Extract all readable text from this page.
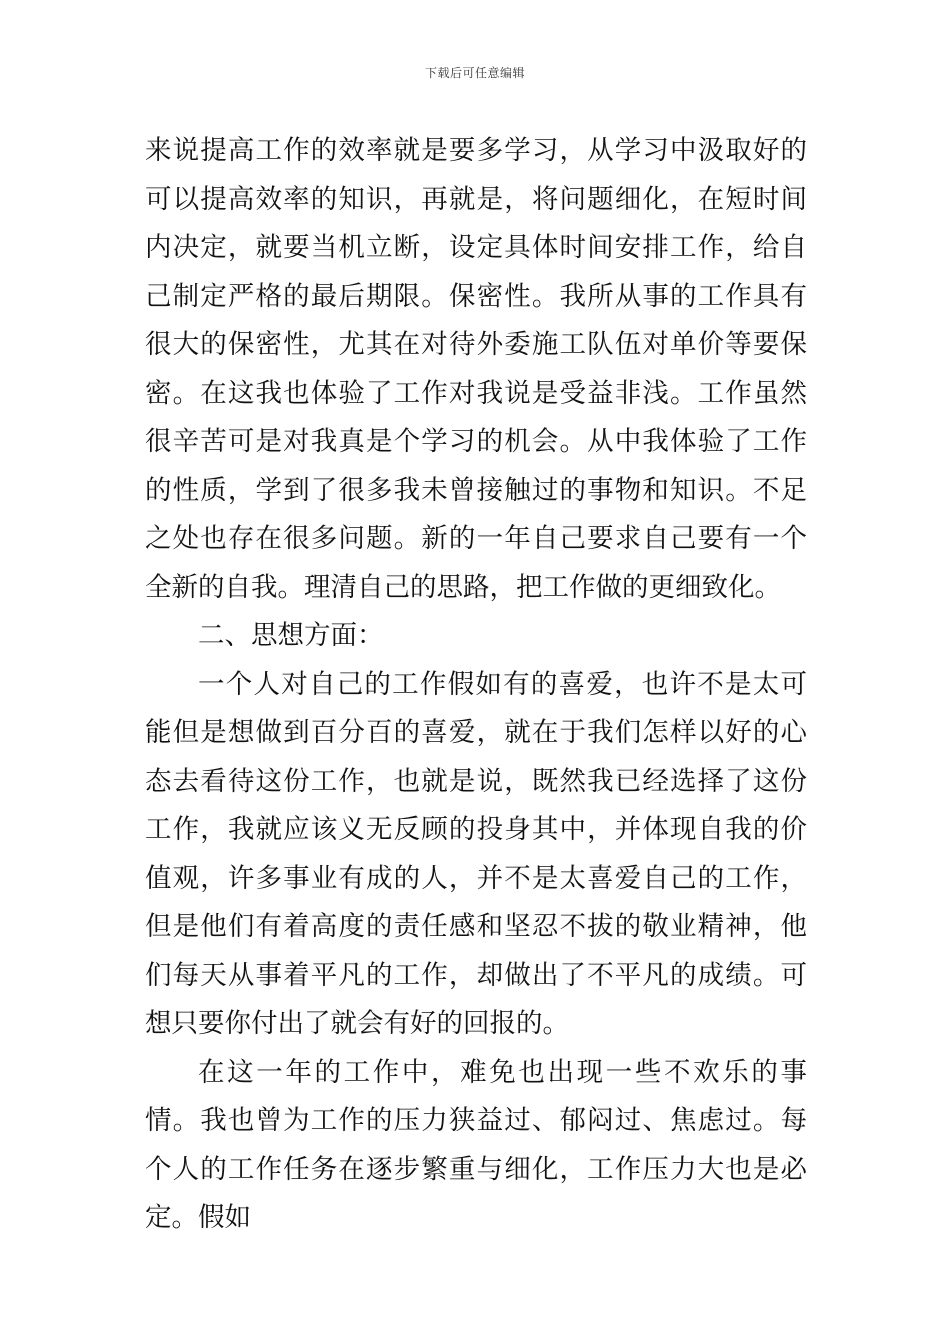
下载后可任意编辑

来说提高工作的效率就是要多学习，从学习中汲取好的可以提高效率的知识，再就是，将问题细化，在短时间内决定，就要当机立断，设定具体时间安排工作，给自己制定严格的最后期限。保密性。我所从事的工作具有很大的保密性，尤其在对待外委施工队伍对单价等要保密。在这我也体验了工作对我说是受益非浅。工作虽然很辛苦可是对我真是个学习的机会。从中我体验了工作的性质，学到了很多我未曾接触过的事物和知识。不足之处也存在很多问题。新的一年自己要求自己要有一个全新的自我。理清自己的思路，把工作做的更细致化。

二、思想方面：

一个人对自己的工作假如有的喜爱，也许不是太可能但是想做到百分百的喜爱，就在于我们怎样以好的心态去看待这份工作，也就是说，既然我已经选择了这份工作，我就应该义无反顾的投身其中，并体现自我的价值观，许多事业有成的人，并不是太喜爱自己的工作，但是他们有着高度的责任感和坚忍不拔的敬业精神，他们每天从事着平凡的工作，却做出了不平凡的成绩。可想只要你付出了就会有好的回报的。

在这一年的工作中，难免也出现一些不欢乐的事情。我也曾为工作的压力狭益过、郁闷过、焦虑过。每个人的工作任务在逐步繁重与细化，工作压力大也是必定。假如
